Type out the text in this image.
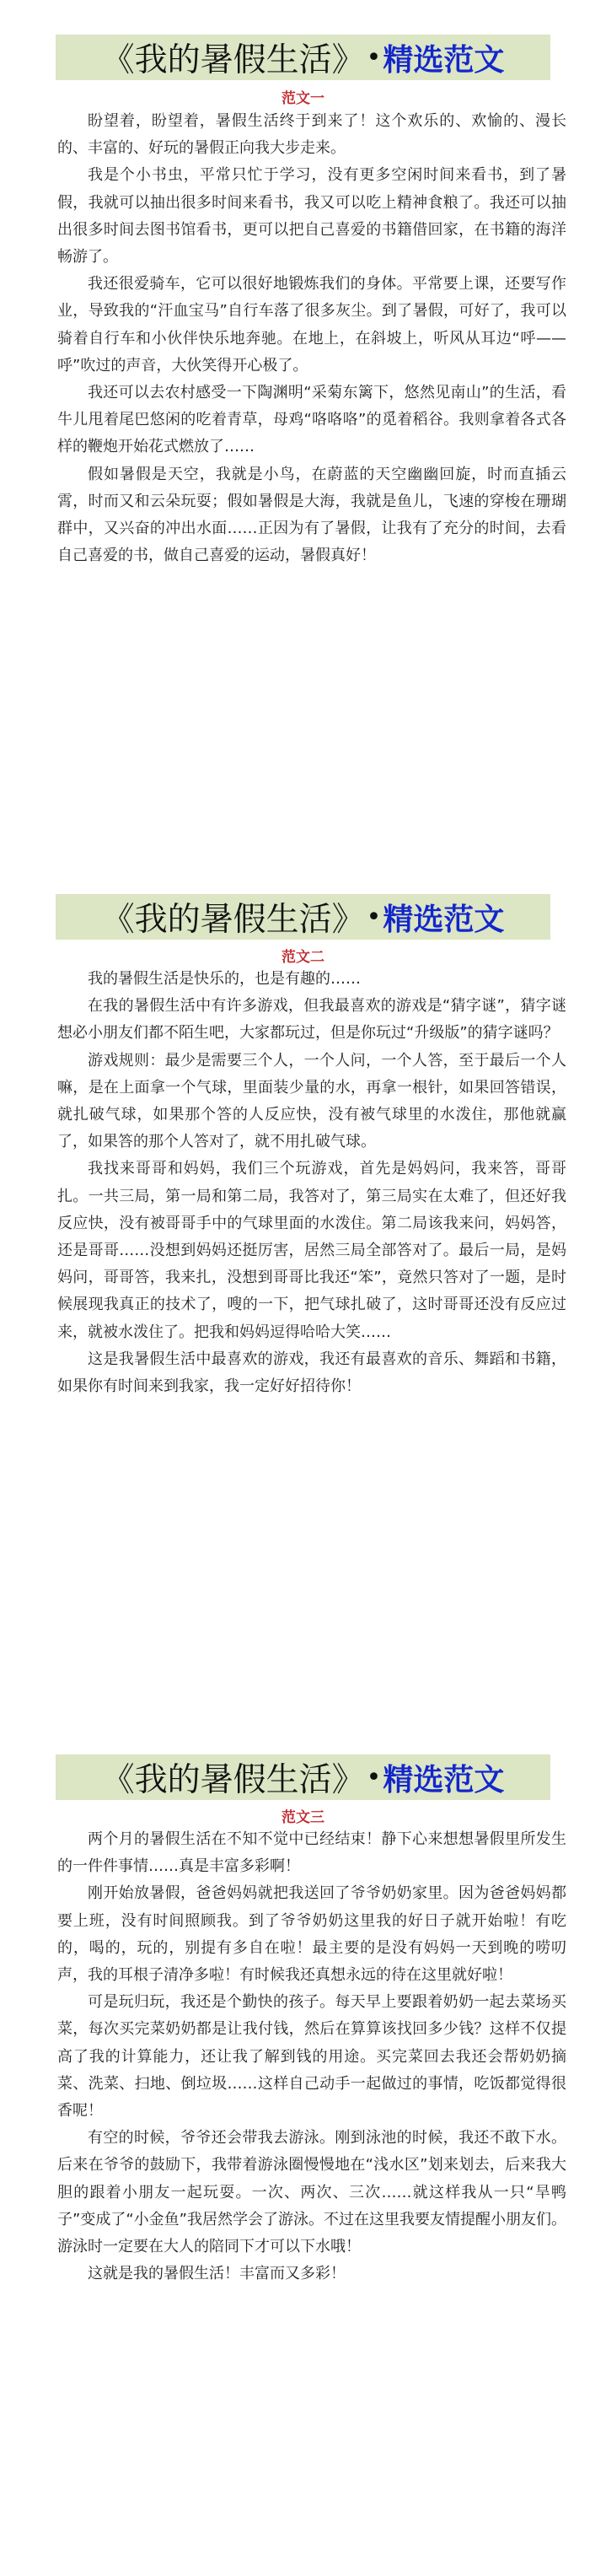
《我的暑假生活》 • 精选范文
范文一

盼望着，盼望着，暑假生活终于到来了！这个欢乐的、欢愉的、漫长的、丰富的、好玩的暑假正向我大步走来。

我是个小书虫，平常只忙于学习，没有更多空闲时间来看书，到了暑假，我就可以抽出很多时间来看书，我又可以吃上精神食粮了。我还可以抽出很多时间去图书馆看书，更可以把自己喜爱的书籍借回家，在书籍的海洋畅游了。

我还很爱骑车，它可以很好地锻炼我们的身体。平常要上课，还要写作业，导致我的“汗血宝马”自行车落了很多灰尘。到了暑假，可好了，我可以骑着自行车和小伙伴快乐地奔驰。在地上，在斜坡上，听风从耳边“呼——呼”吹过的声音，大伙笑得开心极了。

我还可以去农村感受一下陶渊明“采菊东篱下，悠然见南山”的生活，看牛儿甩着尾巴悠闲的吃着青草，母鸡“咯咯咯”的觅着稻谷。我则拿着各式各样的鞭炮开始花式燃放了……

假如暑假是天空，我就是小鸟，在蔚蓝的天空幽幽回旋，时而直插云霄，时而又和云朵玩耍；假如暑假是大海，我就是鱼儿，飞速的穿梭在珊瑚群中，又兴奋的冲出水面……正因为有了暑假，让我有了充分的时间，去看自己喜爱的书，做自己喜爱的运动，暑假真好！

《我的暑假生活》 • 精选范文
范文二

我的暑假生活是快乐的，也是有趣的……

在我的暑假生活中有许多游戏，但我最喜欢的游戏是“猜字谜”，猜字谜想必小朋友们都不陌生吧，大家都玩过，但是你玩过“升级版”的猜字谜吗？

游戏规则：最少是需要三个人，一个人问，一个人答，至于最后一个人嘛，是在上面拿一个气球，里面装少量的水，再拿一根针，如果回答错误，就扎破气球，如果那个答的人反应快，没有被气球里的水泼住，那他就赢了，如果答的那个人答对了，就不用扎破气球。

我找来哥哥和妈妈，我们三个玩游戏，首先是妈妈问，我来答，哥哥扎。一共三局，第一局和第二局，我答对了，第三局实在太难了，但还好我反应快，没有被哥哥手中的气球里面的水泼住。第二局该我来问，妈妈答，还是哥哥……没想到妈妈还挺厉害，居然三局全部答对了。最后一局，是妈妈问，哥哥答，我来扎，没想到哥哥比我还“笨”，竟然只答对了一题，是时候展现我真正的技术了，嗖的一下，把气球扎破了，这时哥哥还没有反应过来，就被水泼住了。把我和妈妈逗得哈哈大笑……

这是我暑假生活中最喜欢的游戏，我还有最喜欢的音乐、舞蹈和书籍，如果你有时间来到我家，我一定好好招待你！

《我的暑假生活》 • 精选范文
范文三

两个月的暑假生活在不知不觉中已经结束！静下心来想想暑假里所发生的一件件事情……真是丰富多彩啊！

刚开始放暑假，爸爸妈妈就把我送回了爷爷奶奶家里。因为爸爸妈妈都要上班，没有时间照顾我。到了爷爷奶奶这里我的好日子就开始啦！有吃的，喝的，玩的，别提有多自在啦！最主要的是没有妈妈一天到晚的唠叨声，我的耳根子清净多啦！有时候我还真想永远的待在这里就好啦！

可是玩归玩，我还是个勤快的孩子。每天早上要跟着奶奶一起去菜场买菜，每次买完菜奶奶都是让我付钱，然后在算算该找回多少钱？这样不仅提高了我的计算能力，还让我了解到钱的用途。买完菜回去我还会帮奶奶摘菜、洗菜、扫地、倒垃圾……这样自己动手一起做过的事情，吃饭都觉得很香呢！

有空的时候，爷爷还会带我去游泳。刚到泳池的时候，我还不敢下水。后来在爷爷的鼓励下，我带着游泳圈慢慢地在“浅水区”划来划去，后来我大胆的跟着小朋友一起玩耍。一次、两次、三次……就这样我从一只“旱鸭子”变成了“小金鱼”我居然学会了游泳。不过在这里我要友情提醒小朋友们。游泳时一定要在大人的陪同下才可以下水哦！

这就是我的暑假生活！丰富而又多彩！
